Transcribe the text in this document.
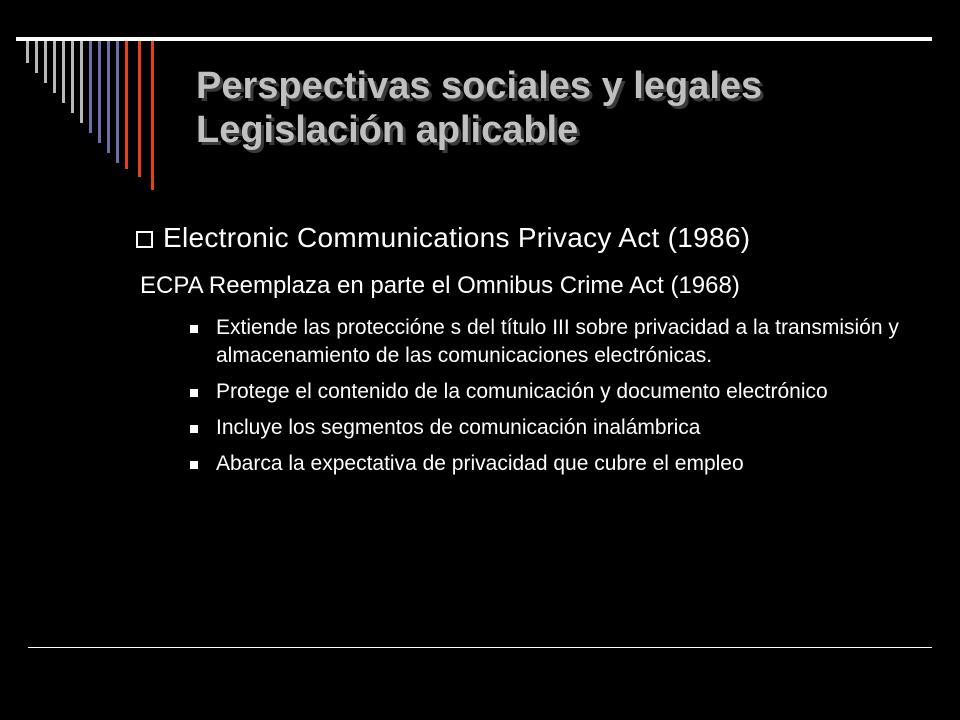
Perspectivas sociales y legales
Legislación aplicable
Electronic Communications Privacy Act (1986)
ECPA Reemplaza en parte el Omnibus Crime Act (1968)
Extiende las proteccióne s del título III sobre privacidad a la transmisión y almacenamiento de las comunicaciones electrónicas.
Protege el contenido de la comunicación y documento electrónico
Incluye los segmentos de comunicación inalámbrica
Abarca la expectativa de privacidad que cubre el empleo
